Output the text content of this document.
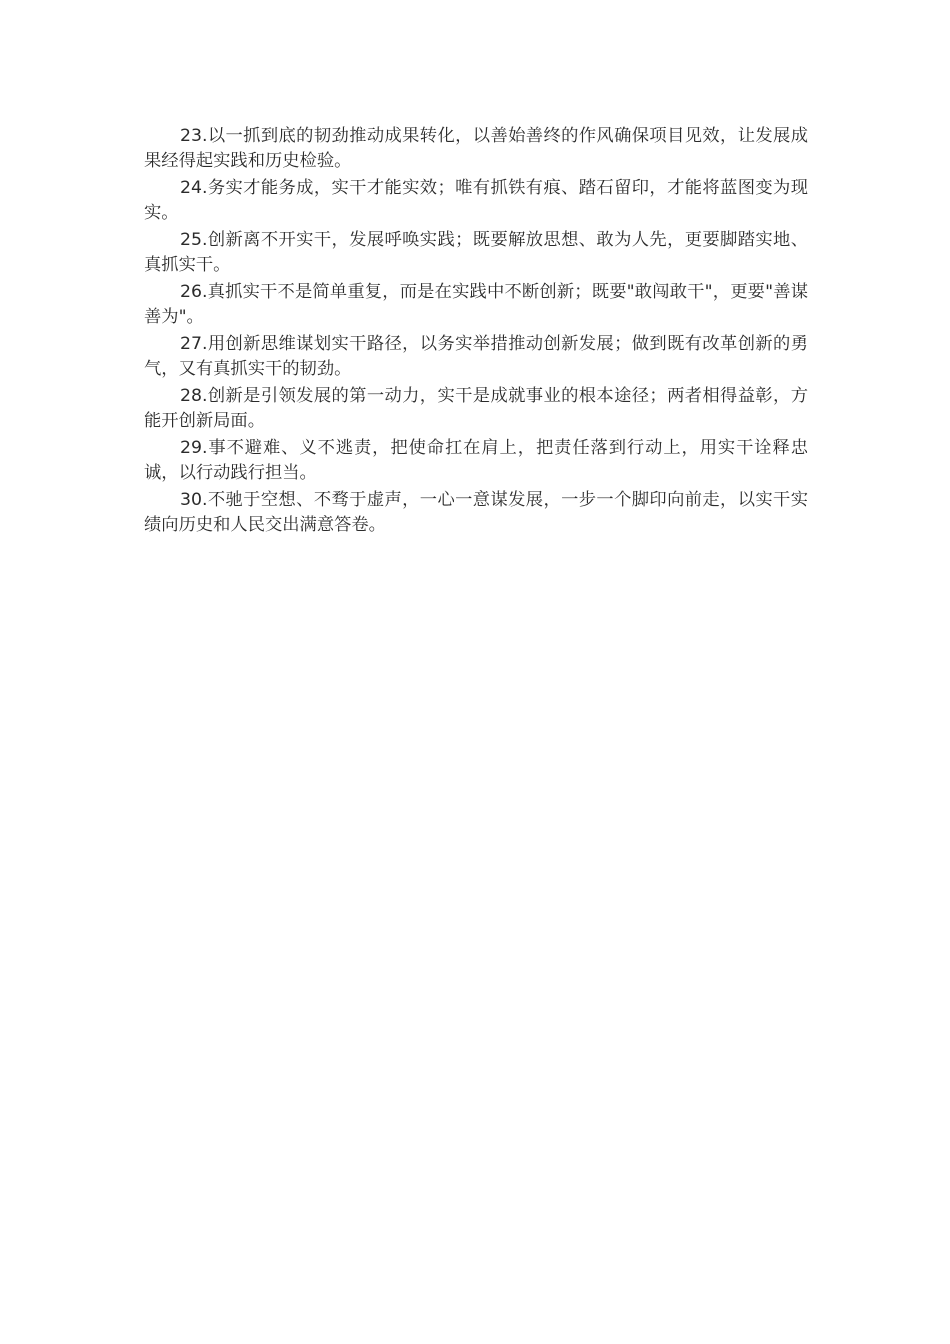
23.以一抓到底的韧劲推动成果转化，以善始善终的作风确保项目见效，让发展成果经得起实践和历史检验。

24.务实才能务成，实干才能实效；唯有抓铁有痕、踏石留印，才能将蓝图变为现实。

25.创新离不开实干，发展呼唤实践；既要解放思想、敢为人先，更要脚踏实地、真抓实干。

26.真抓实干不是简单重复，而是在实践中不断创新；既要"敢闯敢干"，更要"善谋善为"。

27.用创新思维谋划实干路径，以务实举措推动创新发展；做到既有改革创新的勇气，又有真抓实干的韧劲。

28.创新是引领发展的第一动力，实干是成就事业的根本途径；两者相得益彰，方能开创新局面。

29.事不避难、义不逃责，把使命扛在肩上，把责任落到行动上，用实干诠释忠诚，以行动践行担当。

30.不驰于空想、不骛于虚声，一心一意谋发展，一步一个脚印向前走，以实干实绩向历史和人民交出满意答卷。
